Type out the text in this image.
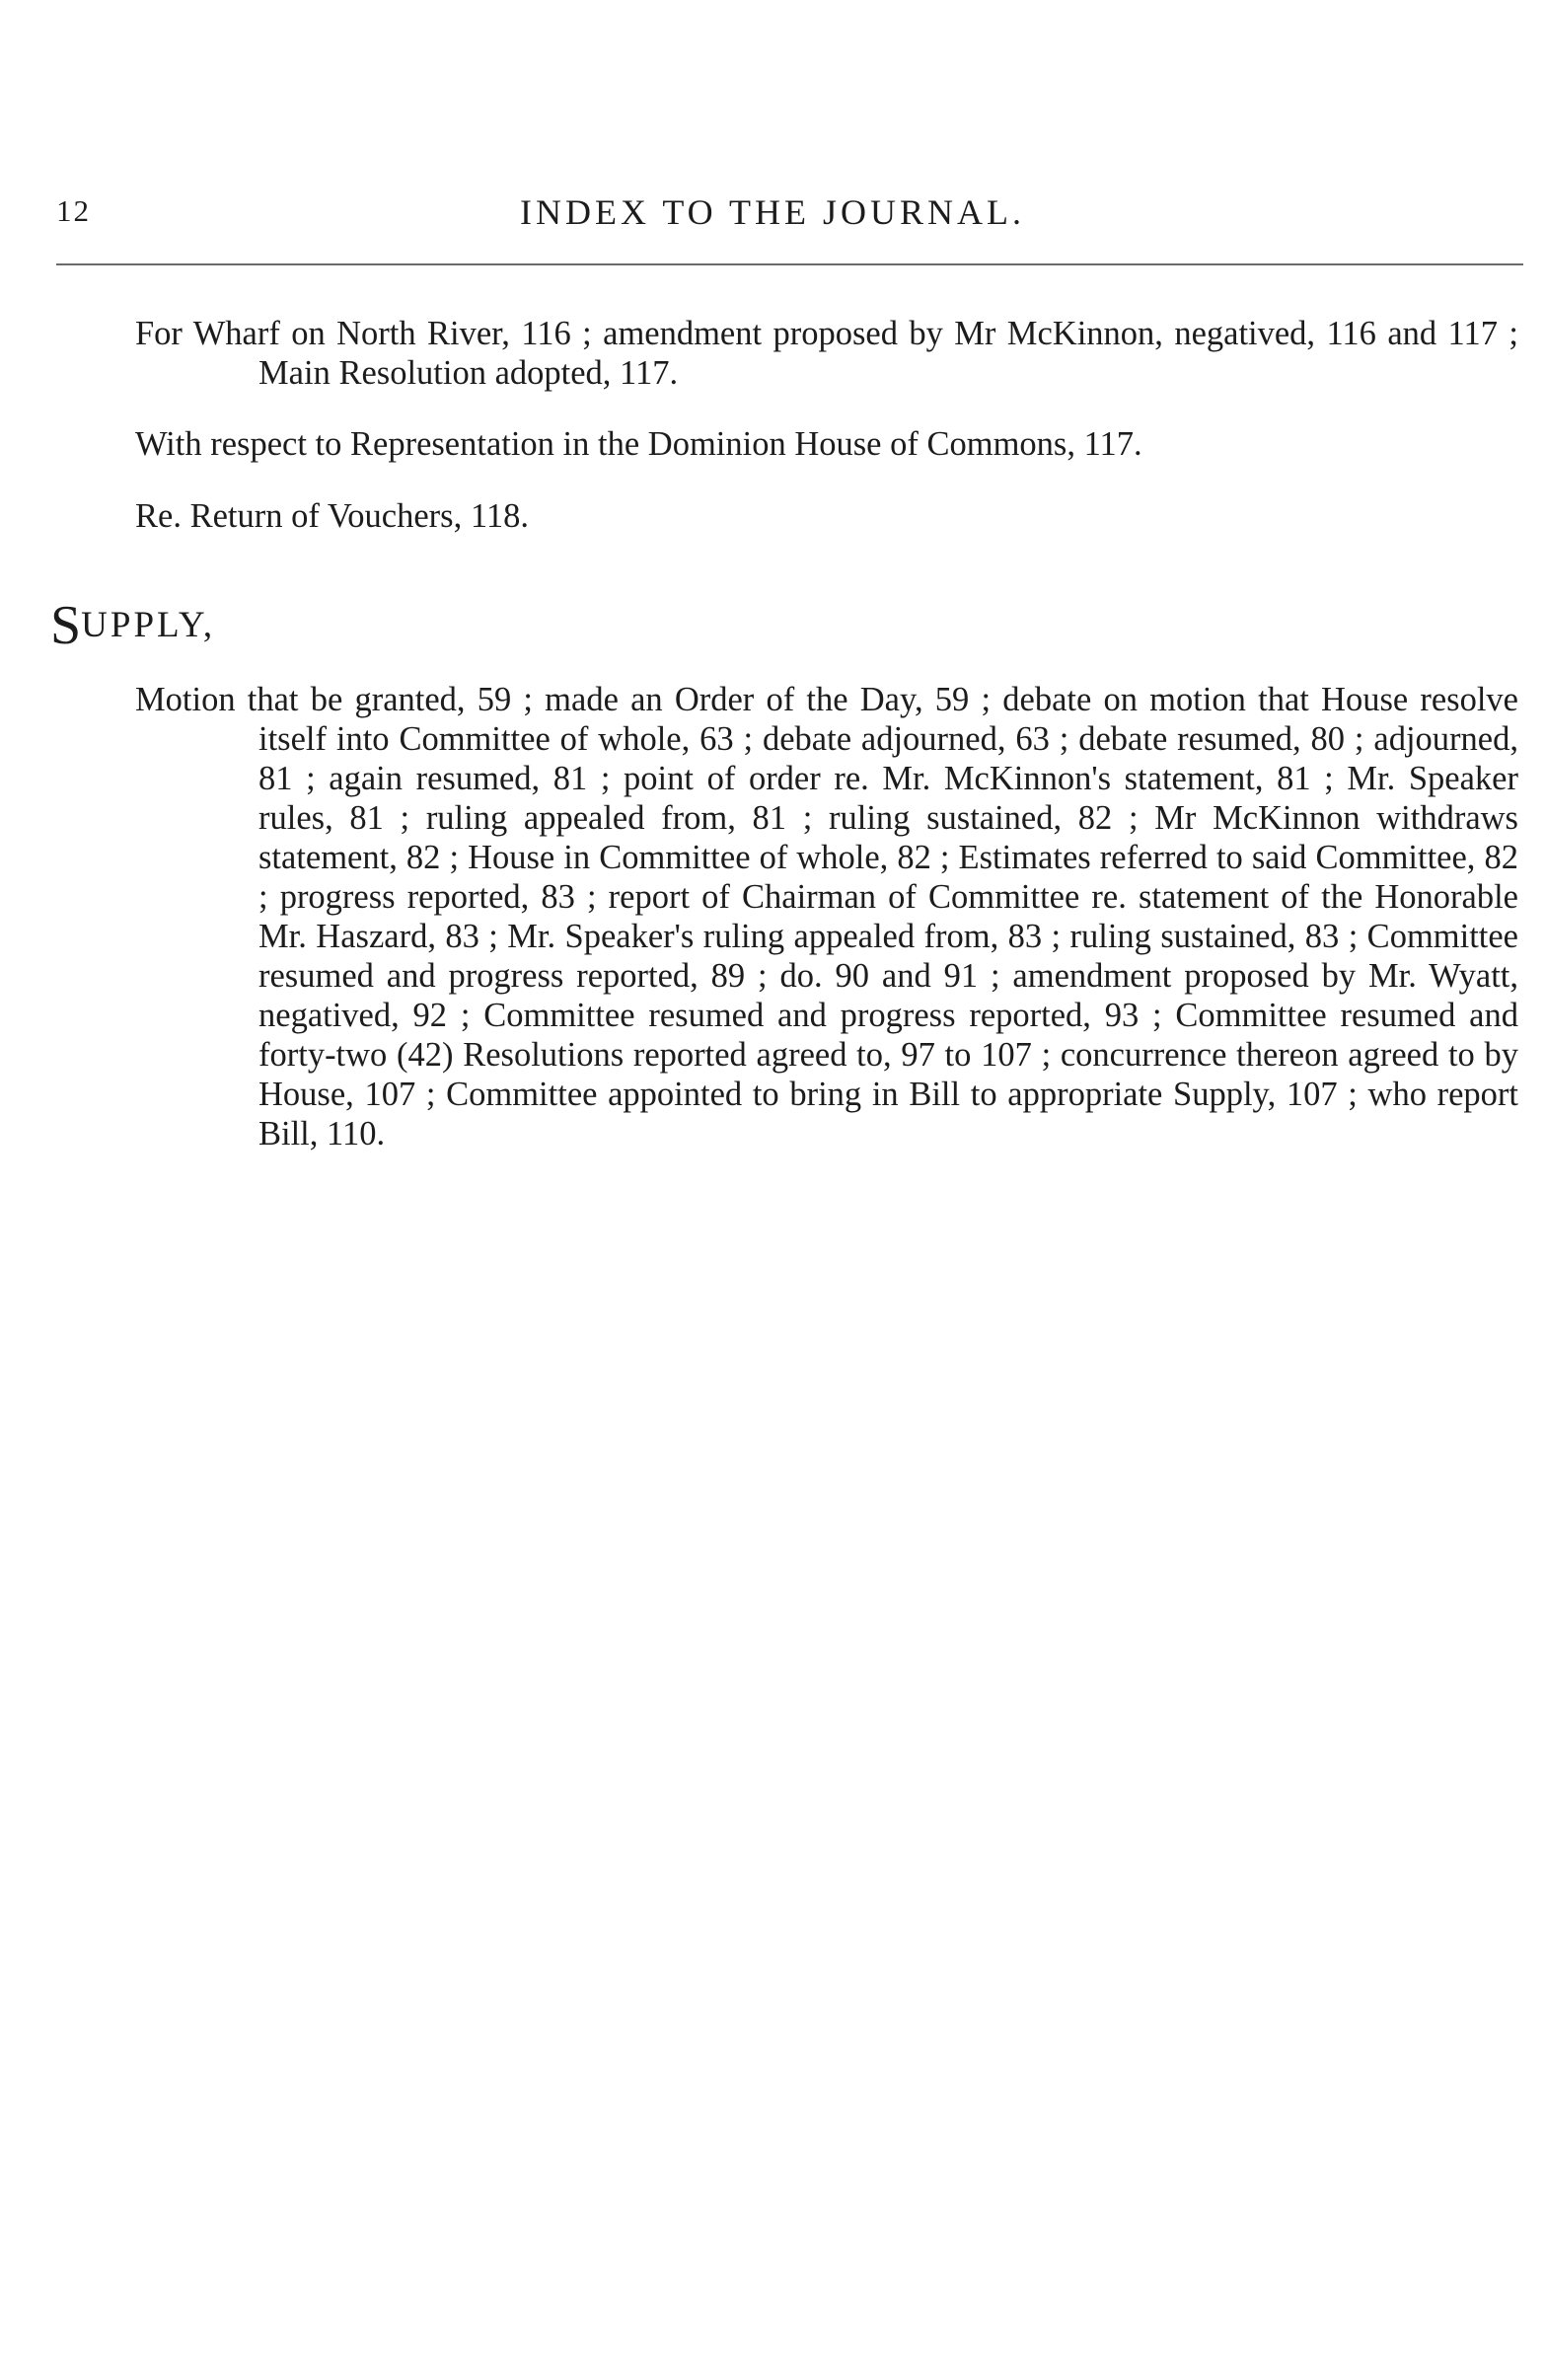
12	INDEX TO THE JOURNAL.
For Wharf on North River, 116 ; amendment proposed by Mr McKinnon, negatived, 116 and 117 ; Main Resolution adopted, 117.
With respect to Representation in the Dominion House of Commons, 117.
Re. Return of Vouchers, 118.
SUPPLY,
Motion that be granted, 59 ; made an Order of the Day, 59 ; debate on motion that House resolve itself into Committee of whole, 63 ; debate adjourned, 63 ; debate resumed, 80 ; adjourned, 81 ; again resumed, 81 ; point of order re. Mr. McKinnon's statement, 81 ; Mr. Speaker rules, 81 ; ruling appealed from, 81 ; ruling sustained, 82 ; Mr McKinnon withdraws statement, 82 ; House in Committee of whole, 82 ; Estimates referred to said Committee, 82 ; progress reported, 83 ; report of Chairman of Committee re. statement of the Honorable Mr. Haszard, 83 ; Mr. Speaker's ruling appealed from, 83 ; ruling sustained, 83 ; Committee resumed and progress reported, 89 ; do. 90 and 91 ; amendment proposed by Mr. Wyatt, negatived, 92 ; Committee resumed and progress reported, 93 ; Committee resumed and forty-two (42) Resolutions reported agreed to, 97 to 107 ; concurrence thereon agreed to by House, 107 ; Committee appointed to bring in Bill to appropriate Supply, 107 ; who report Bill, 110.
